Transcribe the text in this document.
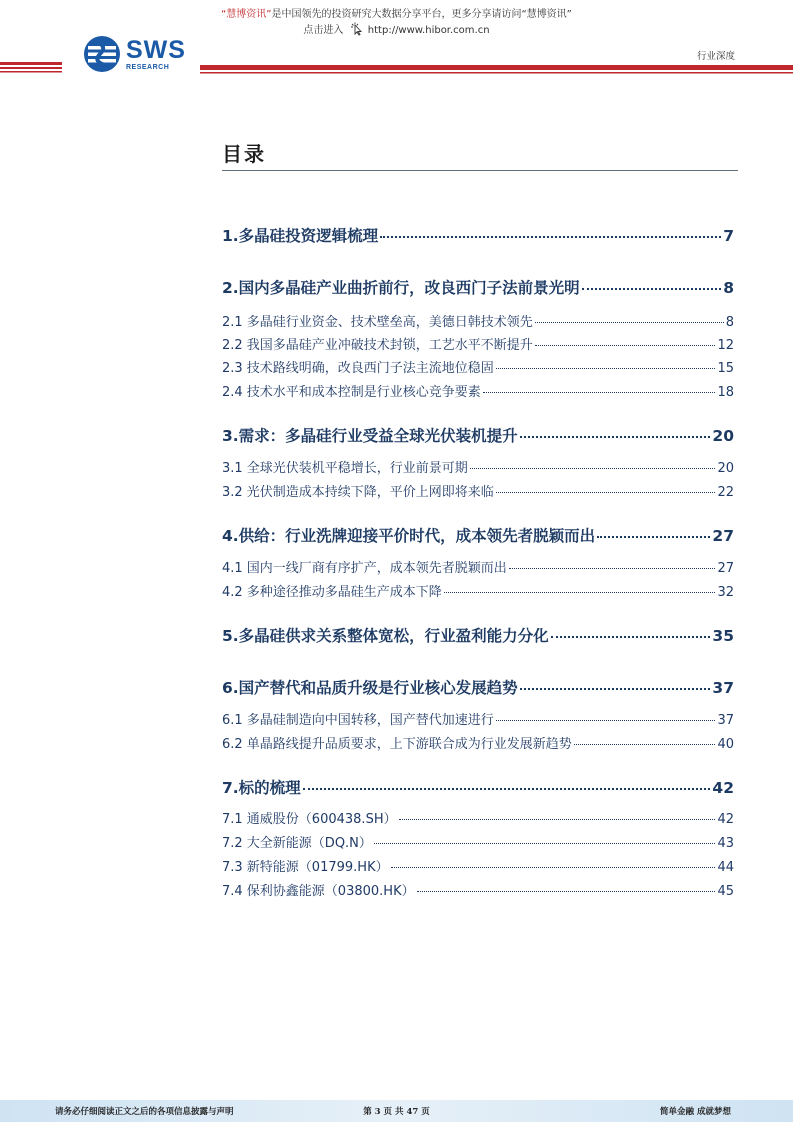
“慧博资讯”是中国领先的投资研究大数据分享平台，更多分享请访问“慧博资讯”
点击进入 http://www.hibor.com.cn
SWS
RESEARCH
行业深度
目录
1.多晶硅投资逻辑梳理	7
2.国内多晶硅产业曲折前行，改良西门子法前景光明	8
2.1 多晶硅行业资金、技术壁垒高，美德日韩技术领先	8
2.2 我国多晶硅产业冲破技术封锁，工艺水平不断提升	12
2.3 技术路线明确，改良西门子法主流地位稳固	15
2.4 技术水平和成本控制是行业核心竞争要素	18
3.需求：多晶硅行业受益全球光伏装机提升	20
3.1 全球光伏装机平稳增长，行业前景可期	20
3.2 光伏制造成本持续下降，平价上网即将来临	22
4.供给：行业洗牌迎接平价时代，成本领先者脱颖而出	27
4.1 国内一线厂商有序扩产，成本领先者脱颖而出	27
4.2 多种途径推动多晶硅生产成本下降	32
5.多晶硅供求关系整体宽松，行业盈利能力分化	35
6.国产替代和品质升级是行业核心发展趋势	37
6.1 多晶硅制造向中国转移，国产替代加速进行	37
6.2 单晶路线提升品质要求，上下游联合成为行业发展新趋势	40
7.标的梳理	42
7.1 通威股份（600438.SH）	42
7.2 大全新能源（DQ.N）	43
7.3 新特能源（01799.HK）	44
7.4 保利协鑫能源（03800.HK）	45
请务必仔细阅读正文之后的各项信息披露与声明	第 3 页 共 47 页	简单金融 成就梦想
